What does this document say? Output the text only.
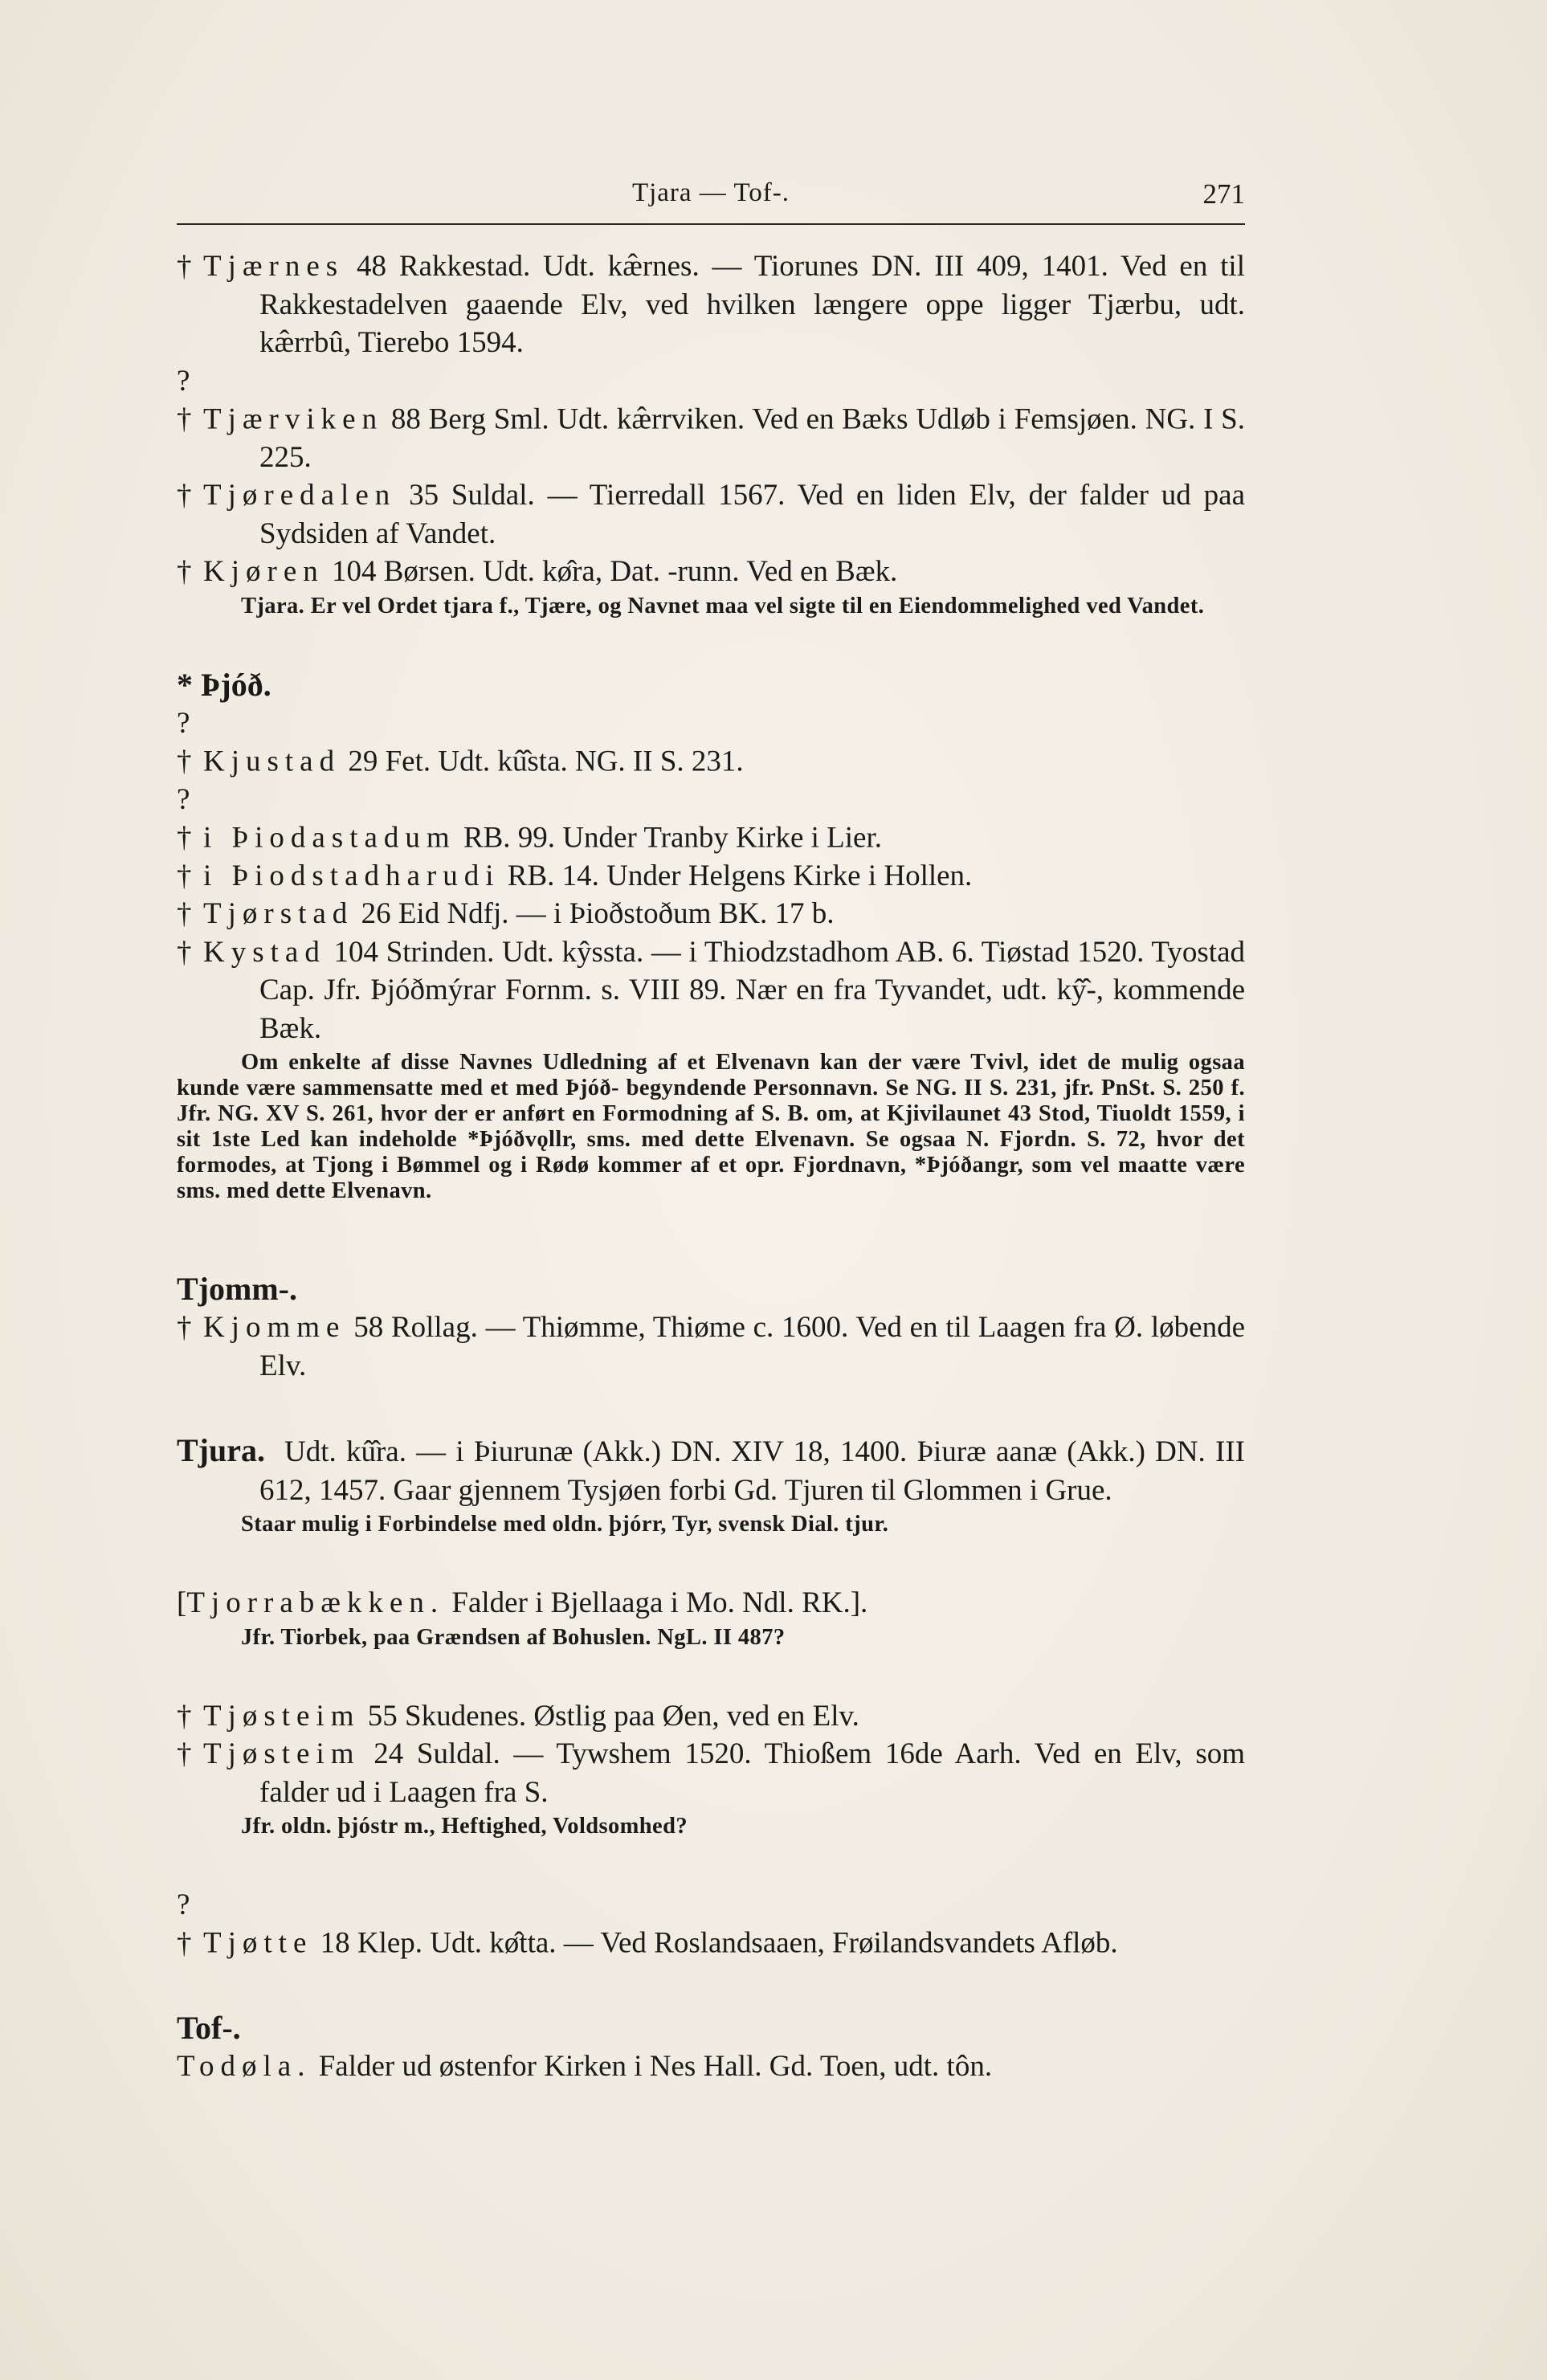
Tjara — Tof-.	271

† Tjærnes 48 Rakkestad. Udt. kæ̂rnes. — Tiorunes DN. III 409, 1401. Ved en til Rakkestadelven gaaende Elv, ved hvilken længere oppe ligger Tjærbu, udt. kæ̂rrbû, Tierebo 1594.

? † Tjærviken 88 Berg Sml. Udt. kæ̂rrviken. Ved en Bæks Udløb i Femsjøen. NG. I S. 225.

† Tjøredalen 35 Suldal. — Tierredall 1567. Ved en liden Elv, der falder ud paa Sydsiden af Vandet.

† Kjøren 104 Børsen. Udt. kø̂ra, Dat. -runn. Ved en Bæk.

Tjara. Er vel Ordet tjara f., Tjære, og Navnet maa vel sigte til en Eiendommelighed ved Vandet.

* Þjóð.

? † Kjustad 29 Fet. Udt. kû̂sta. NG. II S. 231.

? † i Þiodastadum RB. 99. Under Tranby Kirke i Lier.

† i Þiodstadharudi RB. 14. Under Helgens Kirke i Hollen.

† Tjørstad 26 Eid Ndfj. — i Þioðstoðum BK. 17 b.

† Kystad 104 Strinden. Udt. kŷssta. — i Thiodzstadhom AB. 6. Tiøstad 1520. Tyostad Cap. Jfr. Þjóðmýrar Fornm. s. VIII 89. Nær en fra Tyvandet, udt. kŷ̂-, kommende Bæk.

Om enkelte af disse Navnes Udledning af et Elvenavn kan der være Tvivl, idet de mulig ogsaa kunde være sammensatte med et med Þjóð- begyndende Personnavn. Se NG. II S. 231, jfr. PnSt. S. 250 f. Jfr. NG. XV S. 261, hvor der er anført en Formodning af S. B. om, at Kjivilaunet 43 Stod, Tiuoldt 1559, i sit 1ste Led kan indeholde *Þjóðvǫllr, sms. med dette Elvenavn. Se ogsaa N. Fjordn. S. 72, hvor det formodes, at Tjong i Bømmel og i Rødø kommer af et opr. Fjordnavn, *Þjóðangr, som vel maatte være sms. med dette Elvenavn.

Tjomm-.

† Kjomme 58 Rollag. — Thiømme, Thiøme c. 1600. Ved en til Laagen fra Ø. løbende Elv.

Tjura. Udt. kû̂ra. — i Þiurunæ (Akk.) DN. XIV 18, 1400. Þiuræ aanæ (Akk.) DN. III 612, 1457. Gaar gjennem Tysjøen forbi Gd. Tjuren til Glommen i Grue.

Staar mulig i Forbindelse med oldn. þjórr, Tyr, svensk Dial. tjur.

[Tjorrabækken. Falder i Bjellaaga i Mo. Ndl. RK.].

Jfr. Tiorbek, paa Grændsen af Bohuslen. NgL. II 487?

† Tjøsteim 55 Skudenes. Østlig paa Øen, ved en Elv.

† Tjøsteim 24 Suldal. — Tywshem 1520. Thioßem 16de Aarh. Ved en Elv, som falder ud i Laagen fra S.

Jfr. oldn. þjóstr m., Heftighed, Voldsomhed?

? † Tjøtte 18 Klep. Udt. kø̂tta. — Ved Roslandsaaen, Frøilandsvandets Afløb.

Tof-.

Todøla. Falder ud østenfor Kirken i Nes Hall. Gd. Toen, udt. tôn.
